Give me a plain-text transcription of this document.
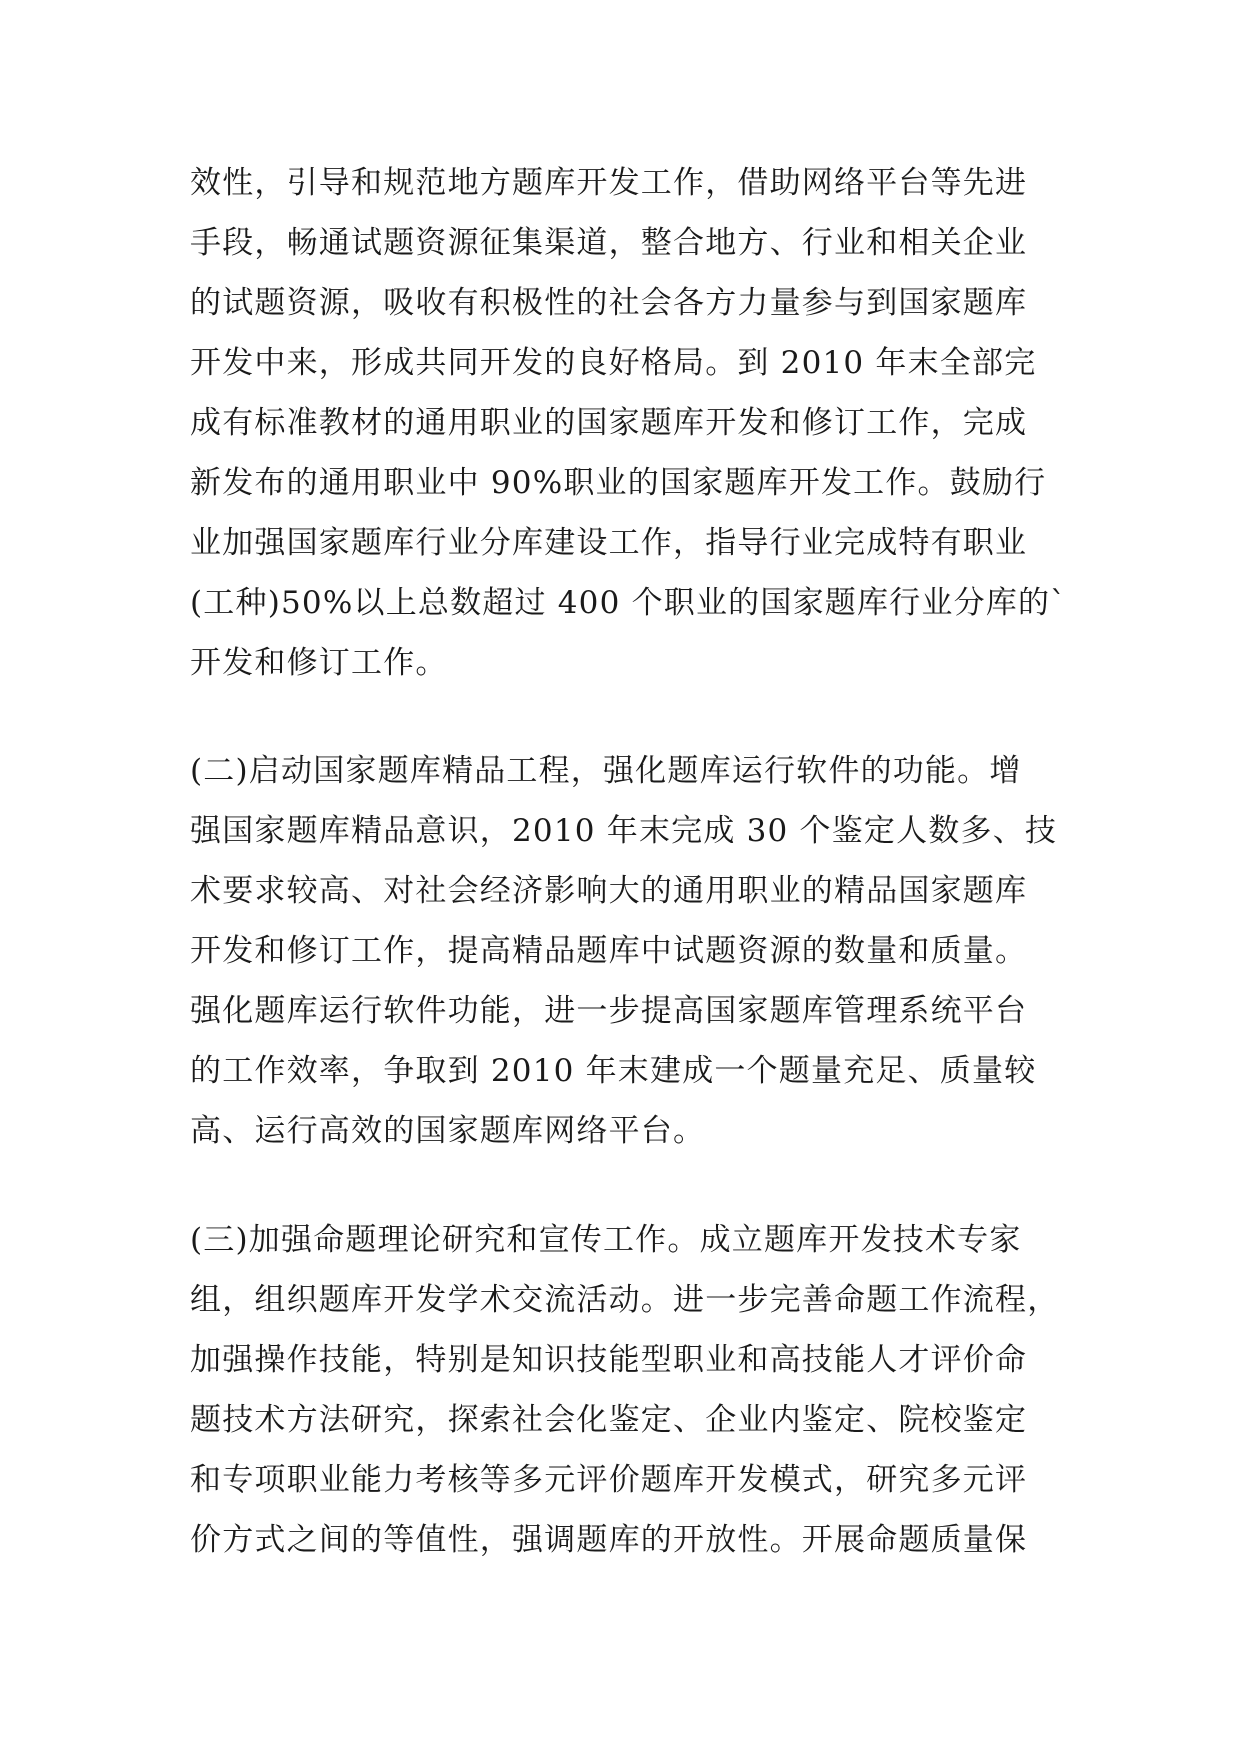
效性，引导和规范地方题库开发工作，借助网络平台等先进
手段，畅通试题资源征集渠道，整合地方、行业和相关企业
的试题资源，吸收有积极性的社会各方力量参与到国家题库
开发中来，形成共同开发的良好格局。到 2010 年末全部完
成有标准教材的通用职业的国家题库开发和修订工作，完成
新发布的通用职业中 90%职业的国家题库开发工作。鼓励行
业加强国家题库行业分库建设工作，指导行业完成特有职业
(工种)50%以上总数超过 400 个职业的国家题库行业分库的`
开发和修订工作。
(二)启动国家题库精品工程，强化题库运行软件的功能。增
强国家题库精品意识，2010 年末完成 30 个鉴定人数多、技
术要求较高、对社会经济影响大的通用职业的精品国家题库
开发和修订工作，提高精品题库中试题资源的数量和质量。
强化题库运行软件功能，进一步提高国家题库管理系统平台
的工作效率，争取到 2010 年末建成一个题量充足、质量较
高、运行高效的国家题库网络平台。
(三)加强命题理论研究和宣传工作。成立题库开发技术专家
组，组织题库开发学术交流活动。进一步完善命题工作流程，
加强操作技能，特别是知识技能型职业和高技能人才评价命
题技术方法研究，探索社会化鉴定、企业内鉴定、院校鉴定
和专项职业能力考核等多元评价题库开发模式，研究多元评
价方式之间的等值性，强调题库的开放性。开展命题质量保
